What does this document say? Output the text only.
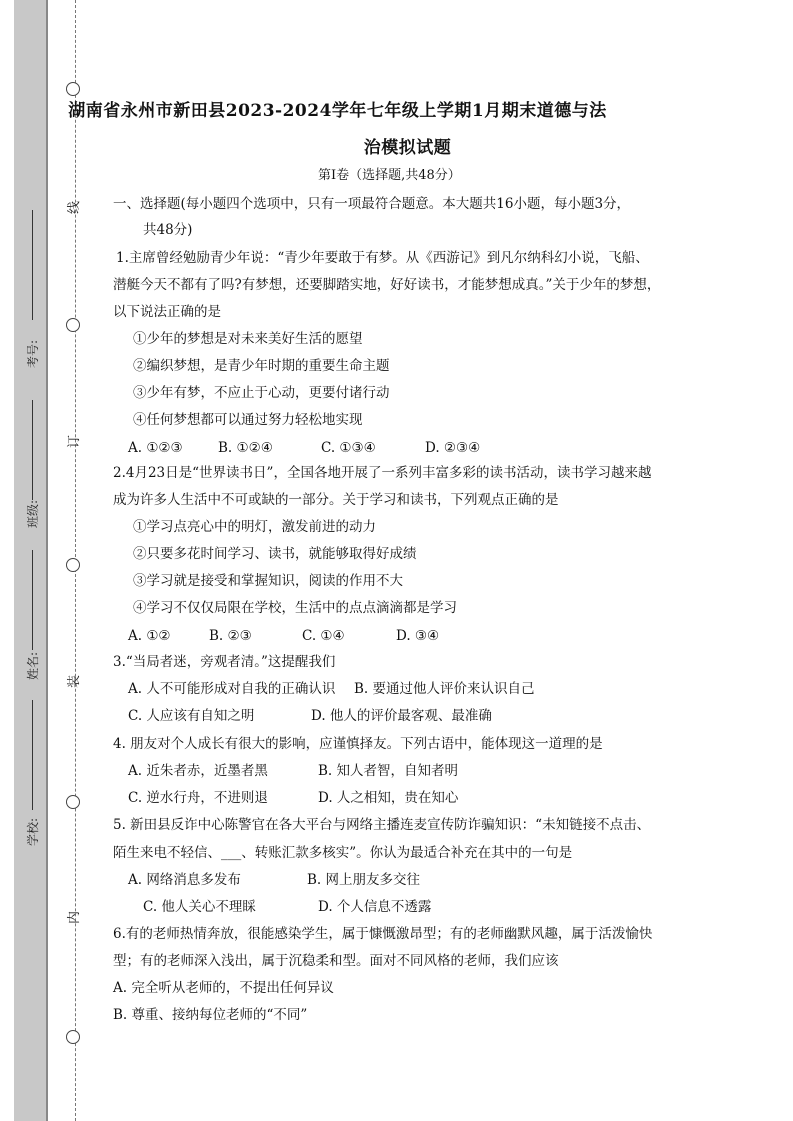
线
订
装
内
考号:
班级:
姓名:
学校:
湖南省永州市新田县2023-2024学年七年级上学期1月期末道德与法
治模拟试题
第Ⅰ卷（选择题,共48分）
一、选择题(每小题四个选项中，只有一项最符合题意。本大题共16小题，每小题3分，
共48分)
1.主席曾经勉励青少年说：“青少年要敢于有梦。从《西游记》到凡尔纳科幻小说，飞船、
潜艇今天不都有了吗?有梦想，还要脚踏实地，好好读书，才能梦想成真。”关于少年的梦想，
以下说法正确的是
①少年的梦想是对未来美好生活的愿望
②编织梦想，是青少年时期的重要生命主题
③少年有梦，不应止于心动，更要付诸行动
④任何梦想都可以通过努力轻松地实现
A. ①②③	B. ①②④	C. ①③④	D. ②③④
2.4月23日是“世界读书日”，全国各地开展了一系列丰富多彩的读书活动，读书学习越来越
成为许多人生活中不可或缺的一部分。关于学习和读书，下列观点正确的是
①学习点亮心中的明灯，激发前进的动力
②只要多花时间学习、读书，就能够取得好成绩
③学习就是接受和掌握知识，阅读的作用不大
④学习不仅仅局限在学校，生活中的点点滴滴都是学习
A. ①②	B. ②③	C. ①④	D. ③④
3.“当局者迷，旁观者清。”这提醒我们
A. 人不可能形成对自我的正确认识 B. 要通过他人评价来认识自己
C. 人应该有自知之明	D. 他人的评价最客观、最准确
4. 朋友对个人成长有很大的影响，应谨慎择友。下列古语中，能体现这一道理的是
A. 近朱者赤，近墨者黑	B. 知人者智，自知者明
C. 逆水行舟，不进则退	D. 人之相知，贵在知心
5. 新田县反诈中心陈警官在各大平台与网络主播连麦宣传防诈骗知识：“未知链接不点击、
陌生来电不轻信、___、转账汇款多核实”。你认为最适合补充在其中的一句是
A. 网络消息多发布	B. 网上朋友多交往
C. 他人关心不理睬	D. 个人信息不透露
6.有的老师热情奔放，很能感染学生，属于慷慨激昂型；有的老师幽默风趣，属于活泼愉快
型；有的老师深入浅出，属于沉稳柔和型。面对不同风格的老师，我们应该
A. 完全听从老师的，不提出任何异议
B. 尊重、接纳每位老师的“不同”
